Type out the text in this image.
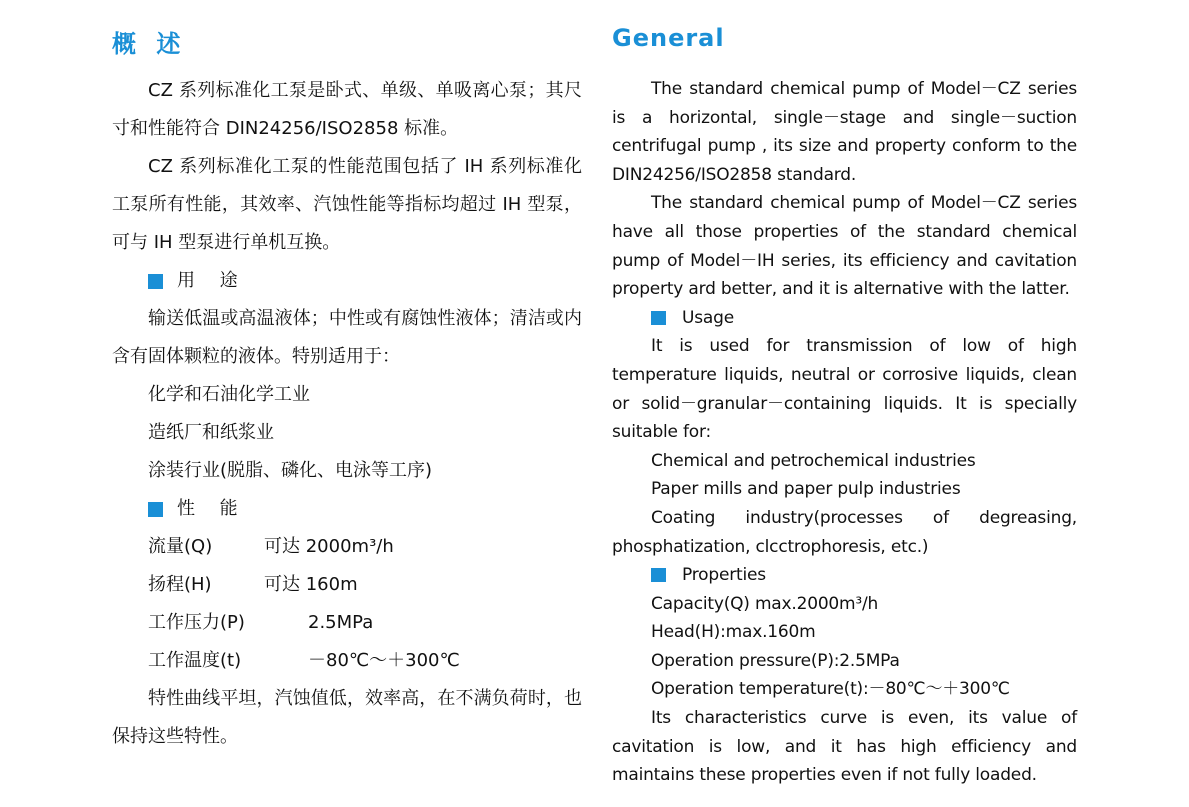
概 述

CZ 系列标准化工泵是卧式、单级、单吸离心泵；其尺寸和性能符合 DIN24256/ISO2858 标准。

CZ 系列标准化工泵的性能范围包括了 IH 系列标准化工泵所有性能，其效率、汽蚀性能等指标均超过 IH 型泵，可与 IH 型泵进行单机互换。

用　 途

输送低温或高温液体；中性或有腐蚀性液体；清洁或内含有固体颗粒的液体。特别适用于：

化学和石油化学工业

造纸厂和纸浆业

涂装行业(脱脂、磷化、电泳等工序)

性　 能

流量(Q)	可达 2000m³/h

扬程(H)	可达 160m

工作压力(P)	2.5MPa

工作温度(t)	－80℃～＋300℃

特性曲线平坦，汽蚀值低，效率高，在不满负荷时，也保持这些特性。

General

The standard chemical pump of Model－CZ series is a horizontal, single－stage and single－suction centrifugal pump , its size and property conform to the DIN24256/ISO2858 standard.

The standard chemical pump of Model－CZ series have all those properties of the standard chemical pump of Model－IH series, its efficiency and cavitation property ard better, and it is alternative with the latter.

Usage

It is used for transmission of low of high temperature liquids, neutral or corrosive liquids, clean or solid－granular－containing liquids. It is specially suitable for:

Chemical and petrochemical industries

Paper mills and paper pulp industries

Coating industry(processes of degreasing, phosphatization, clcctrophoresis, etc.)

Properties

Capacity(Q) max.2000m³/h

Head(H):max.160m

Operation pressure(P):2.5MPa

Operation temperature(t):－80℃～＋300℃

Its characteristics curve is even, its value of cavitation is low, and it has high efficiency and maintains these properties even if not fully loaded.
